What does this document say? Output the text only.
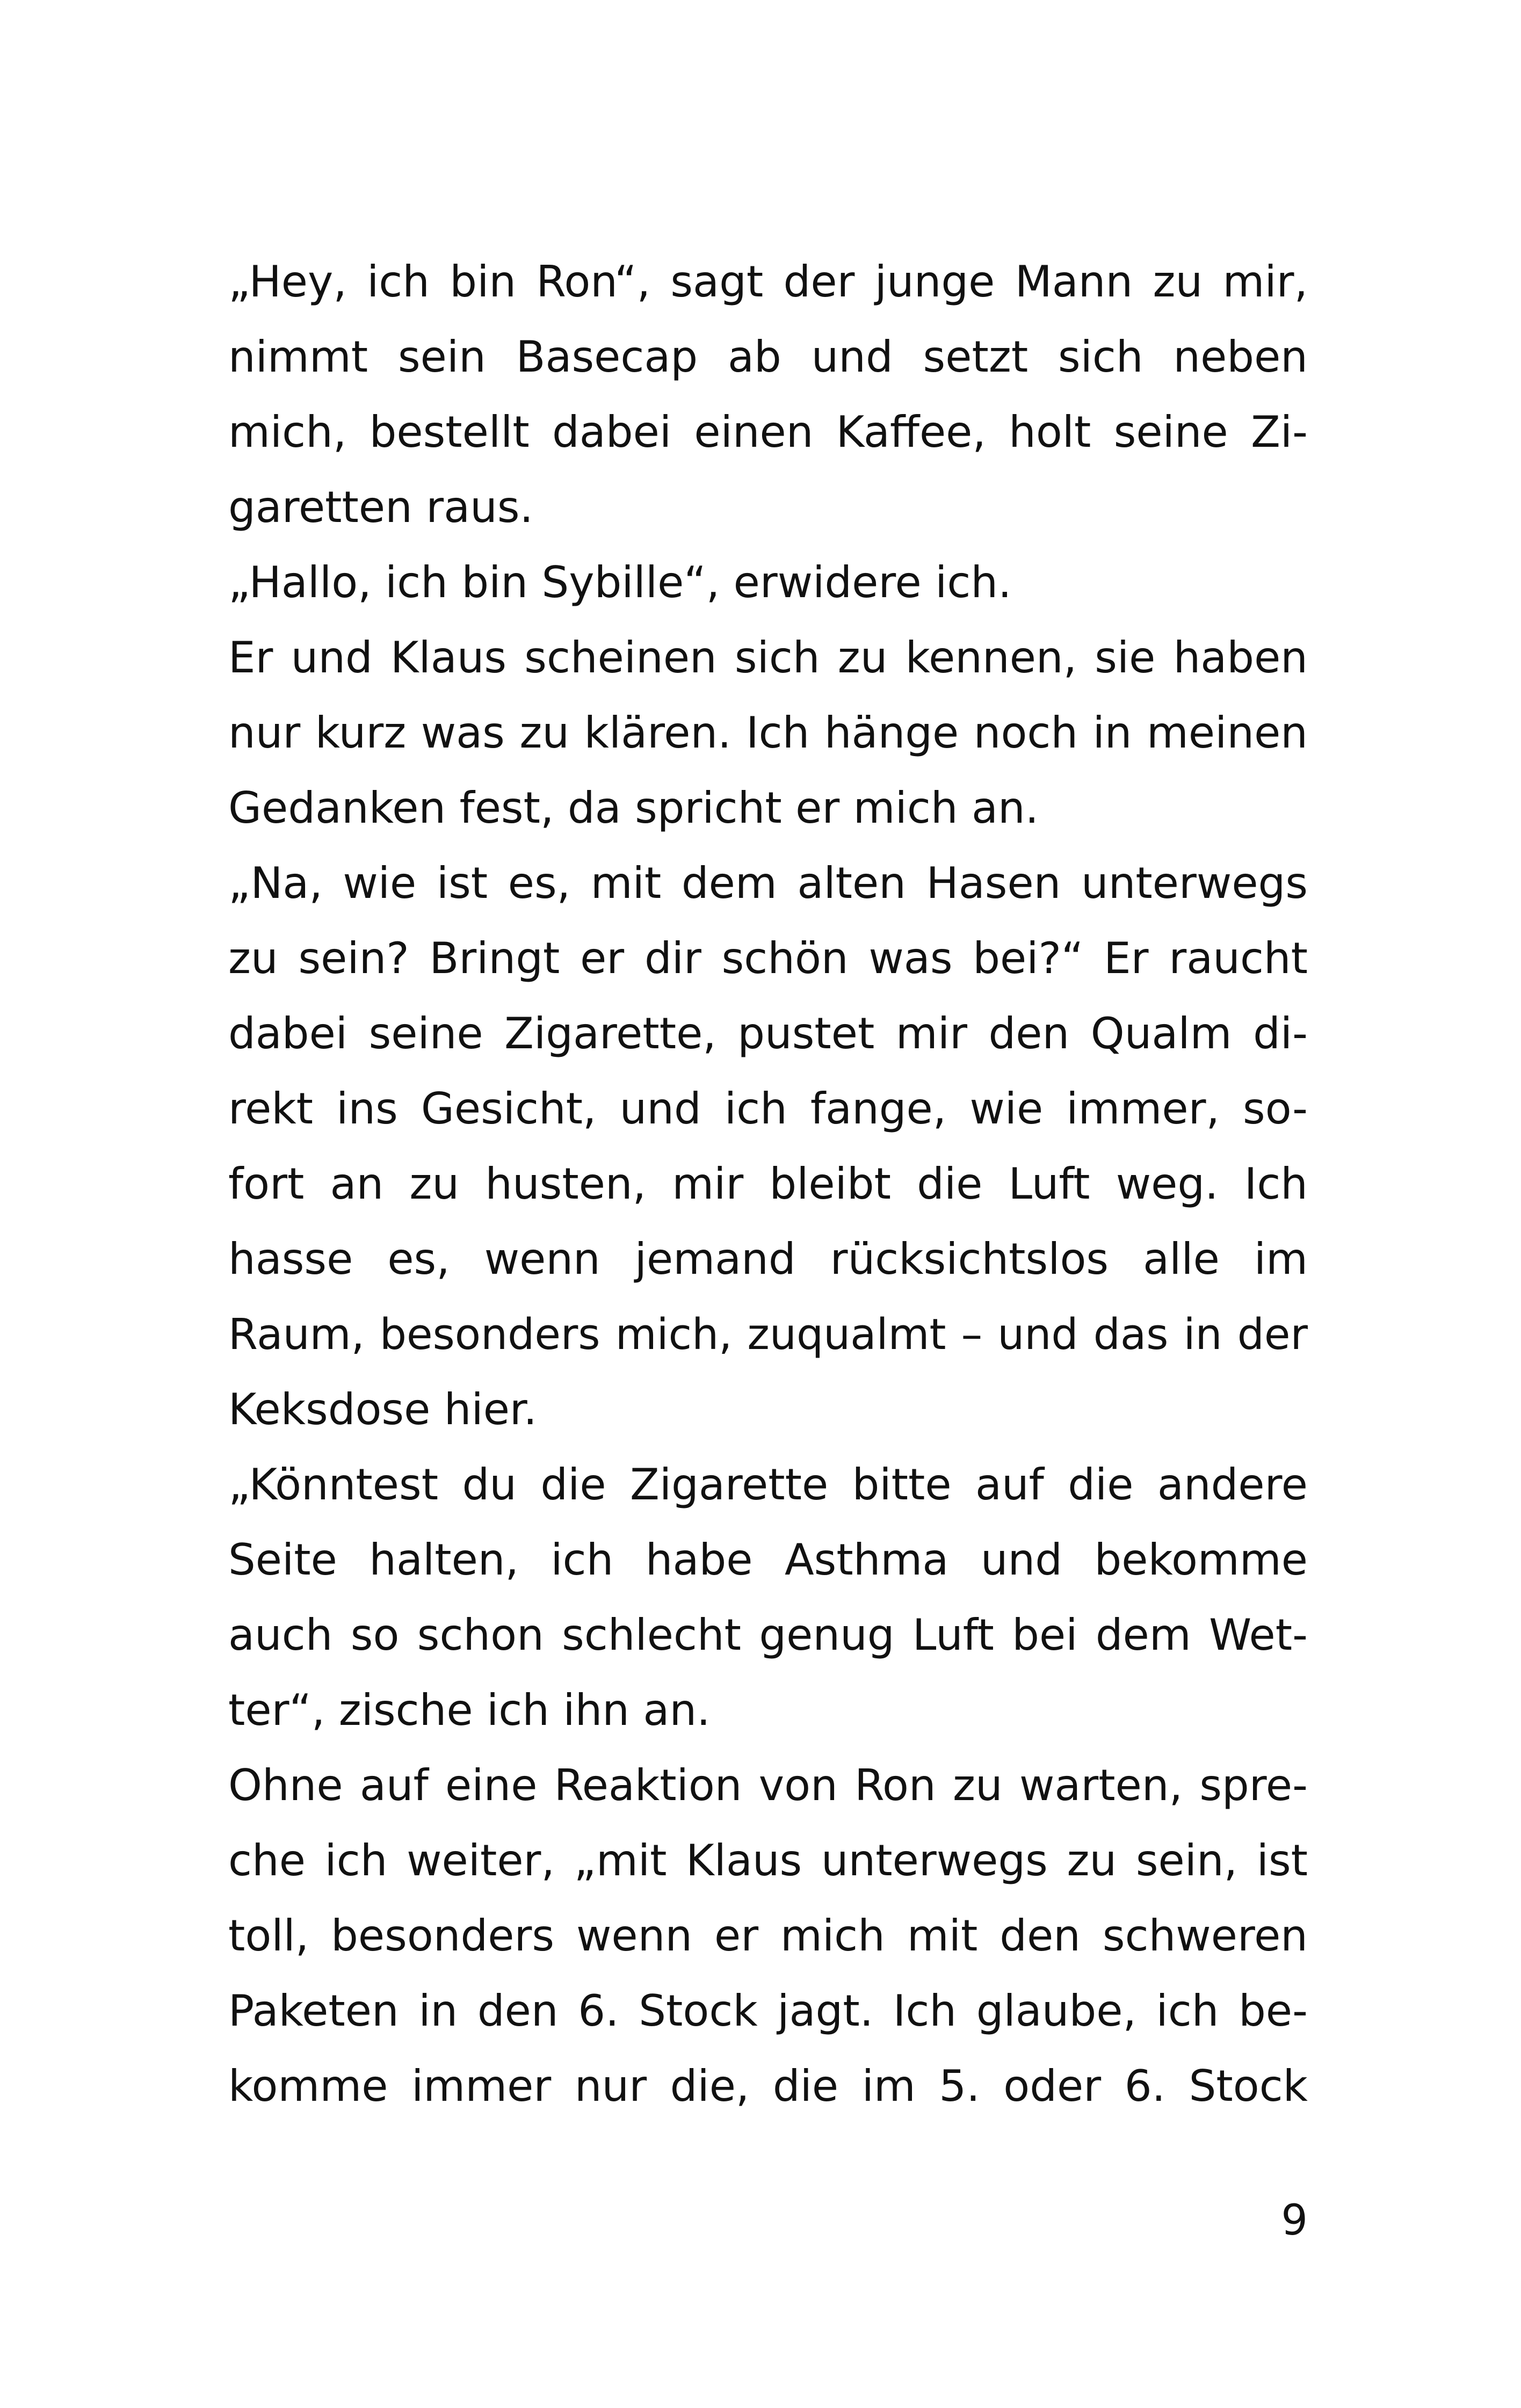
„Hey, ich bin Ron“, sagt der junge Mann zu mir,
nimmt sein Basecap ab und setzt sich neben
mich, bestellt dabei einen Kaffee, holt seine Zi-
garetten raus.
„Hallo, ich bin Sybille“, erwidere ich.
Er und Klaus scheinen sich zu kennen, sie haben
nur kurz was zu klären. Ich hänge noch in meinen
Gedanken fest, da spricht er mich an.
„Na, wie ist es, mit dem alten Hasen unterwegs
zu sein? Bringt er dir schön was bei?“ Er raucht
dabei seine Zigarette, pustet mir den Qualm di-
rekt ins Gesicht, und ich fange, wie immer, so-
fort an zu husten, mir bleibt die Luft weg. Ich
hasse es, wenn jemand rücksichtslos alle im
Raum, besonders mich, zuqualmt – und das in der
Keksdose hier.
„Könntest du die Zigarette bitte auf die andere
Seite halten, ich habe Asthma und bekomme
auch so schon schlecht genug Luft bei dem Wet-
ter“, zische ich ihn an.
Ohne auf eine Reaktion von Ron zu warten, spre-
che ich weiter, „mit Klaus unterwegs zu sein, ist
toll, besonders wenn er mich mit den schweren
Paketen in den 6. Stock jagt. Ich glaube, ich be-
komme immer nur die, die im 5. oder 6. Stock
9
